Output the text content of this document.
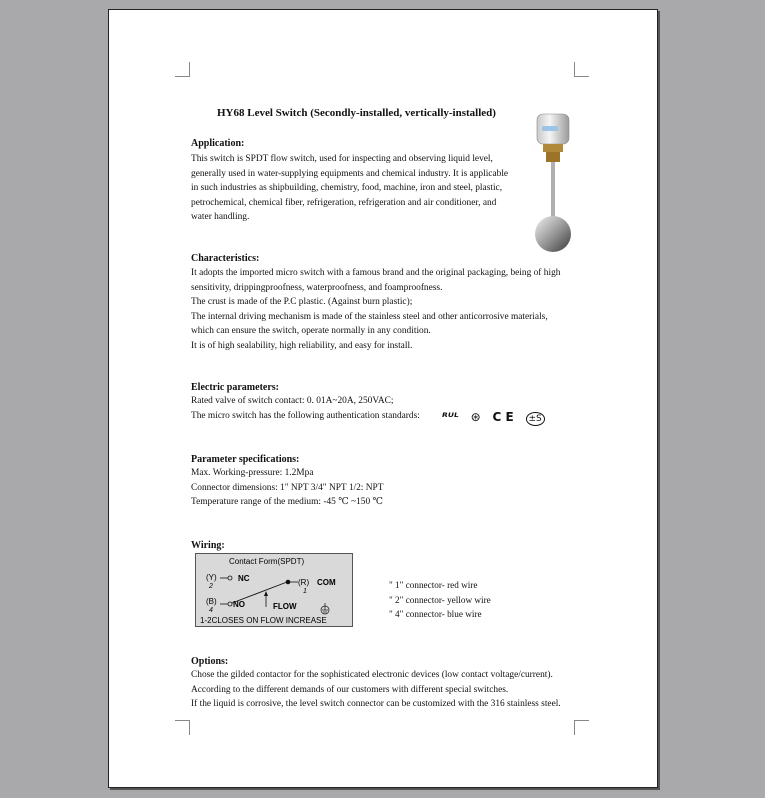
HY68 Level Switch (Secondly-installed, vertically-installed)
Application:
This switch is SPDT flow switch, used for inspecting and observing liquid level,
generally used in water-supplying equipments and chemical industry. It is applicable
in such industries as shipbuilding, chemistry, food, machine, iron and steel, plastic,
petrochemical, chemical fiber, refrigeration, refrigeration and air conditioner, and
water handling.
Characteristics:
It adopts the imported micro switch with a famous brand and the original packaging, being of high
sensitivity, drippingproofness, waterproofness, and foamproofness.
The crust is made of the P.C plastic. (Against burn plastic);
The internal driving mechanism is made of the stainless steel and other anticorrosive materials,
which can ensure the switch, operate normally in any condition.
It is of high sealability, high reliability, and easy for install.
Electric parameters:
Rated valve of switch contact: 0. 01A~20A, 250VAC;
The micro switch has the following authentication standards: ᴿᵁᴸ ⊛ C E ±S
Parameter specifications:
Max. Working-pressure: 1.2Mpa
Connector dimensions: 1" NPT 3/4" NPT 1/2: NPT
Temperature range of the medium: -45 ℃ ~150 ℃
Wiring:
Contact Form(SPDT)
(Y)
2
NC
(B)
4
NO
(R)
1
COM
FLOW
1-2CLOSES ON FLOW INCREASE
" 1" connector- red wire
" 2" connector- yellow wire
" 4" connector- blue wire
Options:
Chose the gilded contactor for the sophisticated electronic devices (low contact voltage/current).
According to the different demands of our customers with different special switches.
If the liquid is corrosive, the level switch connector can be customized with the 316 stainless steel.
